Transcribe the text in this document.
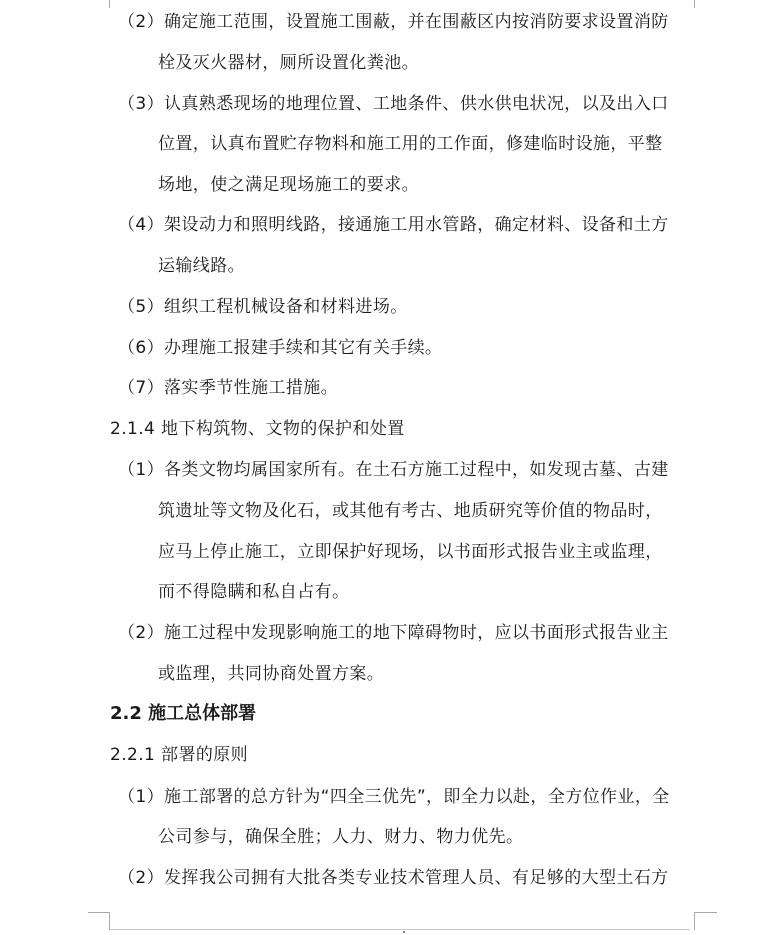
（2）确定施工范围，设置施工围蔽，并在围蔽区内按消防要求设置消防
栓及灭火器材，厕所设置化粪池。
（3）认真熟悉现场的地理位置、工地条件、供水供电状况，以及出入口
位置，认真布置贮存物料和施工用的工作面，修建临时设施，平整
场地，使之满足现场施工的要求。
（4）架设动力和照明线路，接通施工用水管路，确定材料、设备和土方
运输线路。
（5）组织工程机械设备和材料进场。
（6）办理施工报建手续和其它有关手续。
（7）落实季节性施工措施。
2.1.4 地下构筑物、文物的保护和处置
（1）各类文物均属国家所有。在土石方施工过程中，如发现古墓、古建
筑遗址等文物及化石，或其他有考古、地质研究等价值的物品时，
应马上停止施工，立即保护好现场，以书面形式报告业主或监理，
而不得隐瞒和私自占有。
（2）施工过程中发现影响施工的地下障碍物时，应以书面形式报告业主
或监理，共同协商处置方案。
2.2 施工总体部署
2.2.1 部署的原则
（1）施工部署的总方针为“四全三优先”，即全力以赴，全方位作业，全
公司参与，确保全胜；人力、财力、物力优先。
（2）发挥我公司拥有大批各类专业技术管理人员、有足够的大型土石方
